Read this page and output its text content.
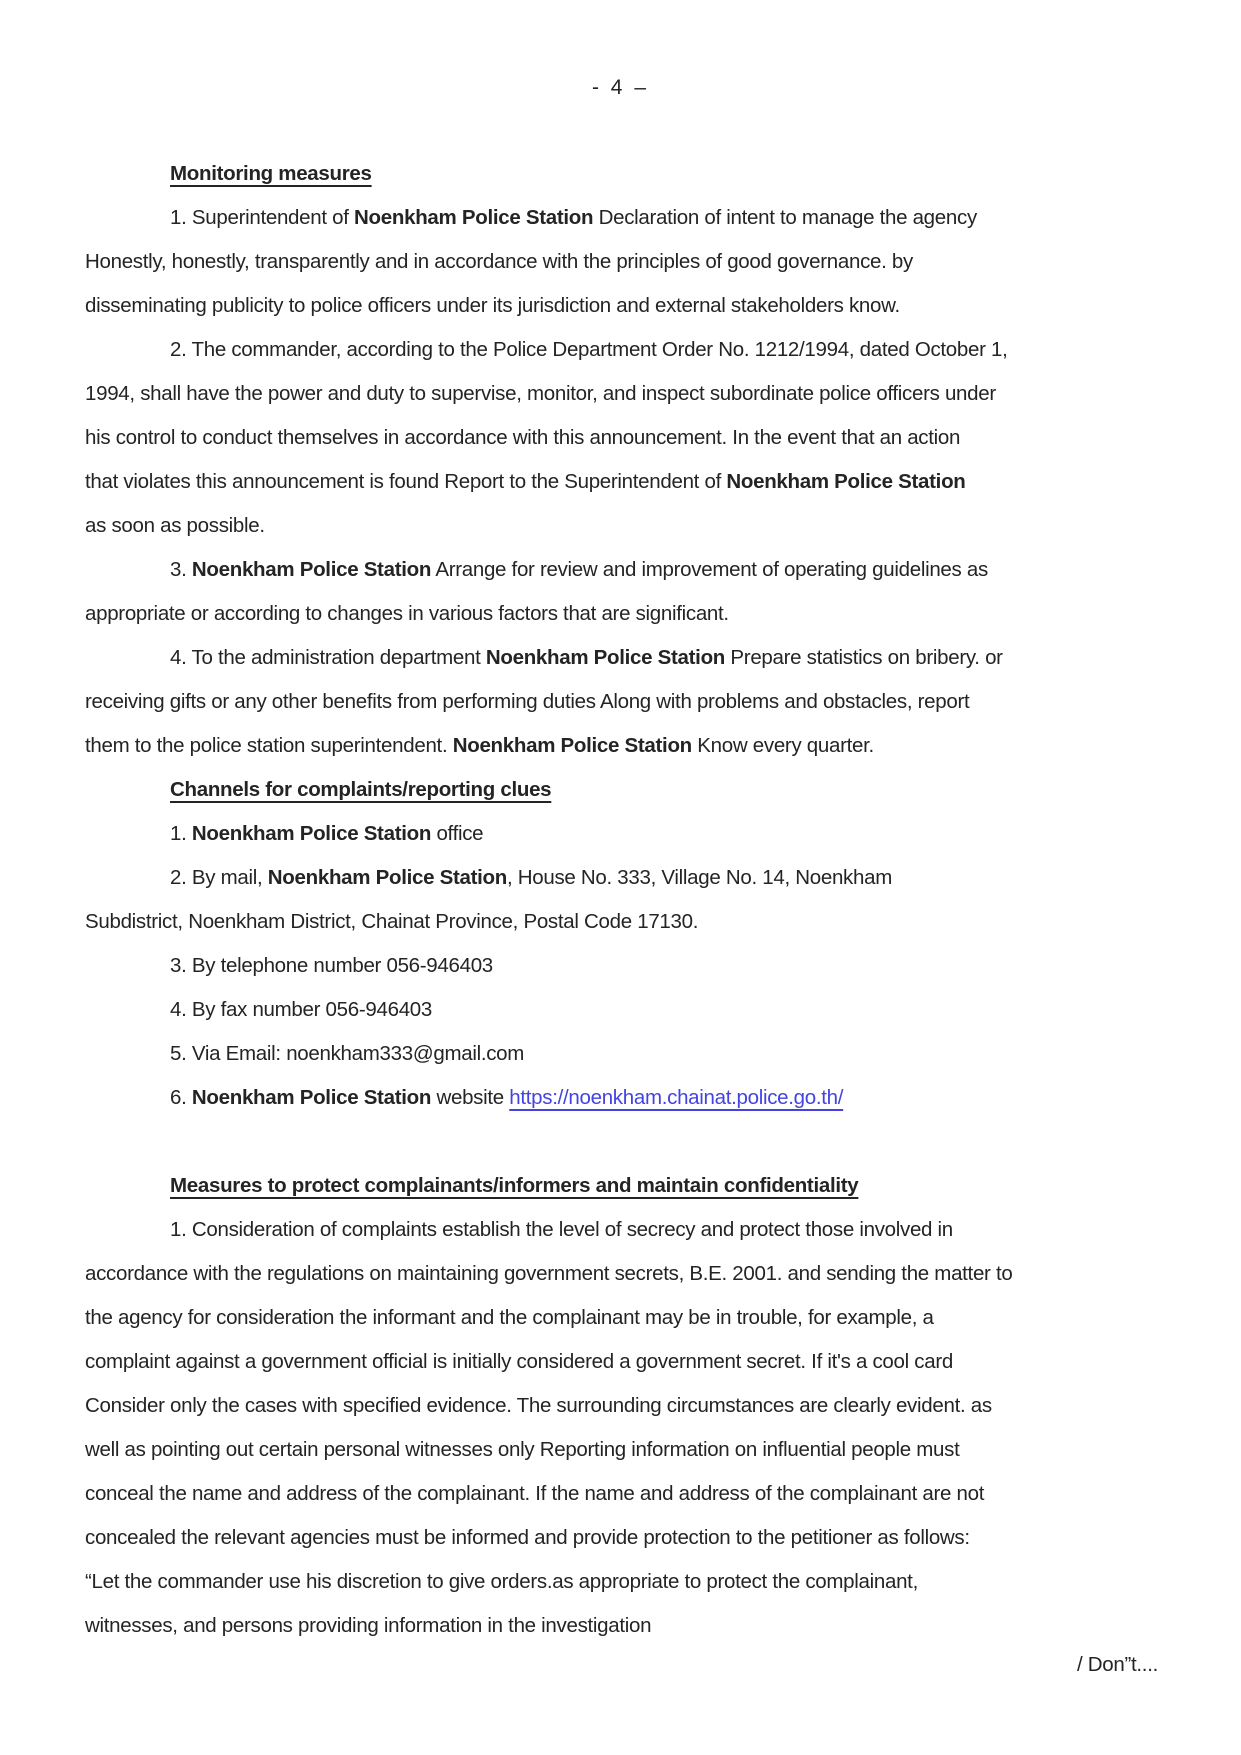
- 4 –
Monitoring measures
1. Superintendent of Noenkham Police Station Declaration of intent to manage the agency
Honestly, honestly, transparently and in accordance with the principles of good governance. by
disseminating publicity to police officers under its jurisdiction and external stakeholders know.
2. The commander, according to the Police Department Order No. 1212/1994, dated October 1,
1994, shall have the power and duty to supervise, monitor, and inspect subordinate police officers under
his control to conduct themselves in accordance with this announcement. In the event that an action
that violates this announcement is found Report to the Superintendent of Noenkham Police Station
as soon as possible.
3. Noenkham Police Station Arrange for review and improvement of operating guidelines as
appropriate or according to changes in various factors that are significant.
4. To the administration department Noenkham Police Station Prepare statistics on bribery. or
receiving gifts or any other benefits from performing duties Along with problems and obstacles, report
them to the police station superintendent. Noenkham Police Station Know every quarter.
Channels for complaints/reporting clues
1. Noenkham Police Station office
2. By mail, Noenkham Police Station, House No. 333, Village No. 14, Noenkham
Subdistrict, Noenkham District, Chainat Province, Postal Code 17130.
3. By telephone number 056-946403
4. By fax number 056-946403
5. Via Email: noenkham333@gmail.com
6. Noenkham Police Station website https://noenkham.chainat.police.go.th/

Measures to protect complainants/informers and maintain confidentiality
1. Consideration of complaints establish the level of secrecy and protect those involved in
accordance with the regulations on maintaining government secrets, B.E. 2001. and sending the matter to
the agency for consideration the informant and the complainant may be in trouble, for example, a
complaint against a government official is initially considered a government secret. If it's a cool card
Consider only the cases with specified evidence. The surrounding circumstances are clearly evident. as
well as pointing out certain personal witnesses only Reporting information on influential people must
conceal the name and address of the complainant. If the name and address of the complainant are not
concealed the relevant agencies must be informed and provide protection to the petitioner as follows:
“Let the commander use his discretion to give orders.as appropriate to protect the complainant,
witnesses, and persons providing information in the investigation
/ Don”t....
